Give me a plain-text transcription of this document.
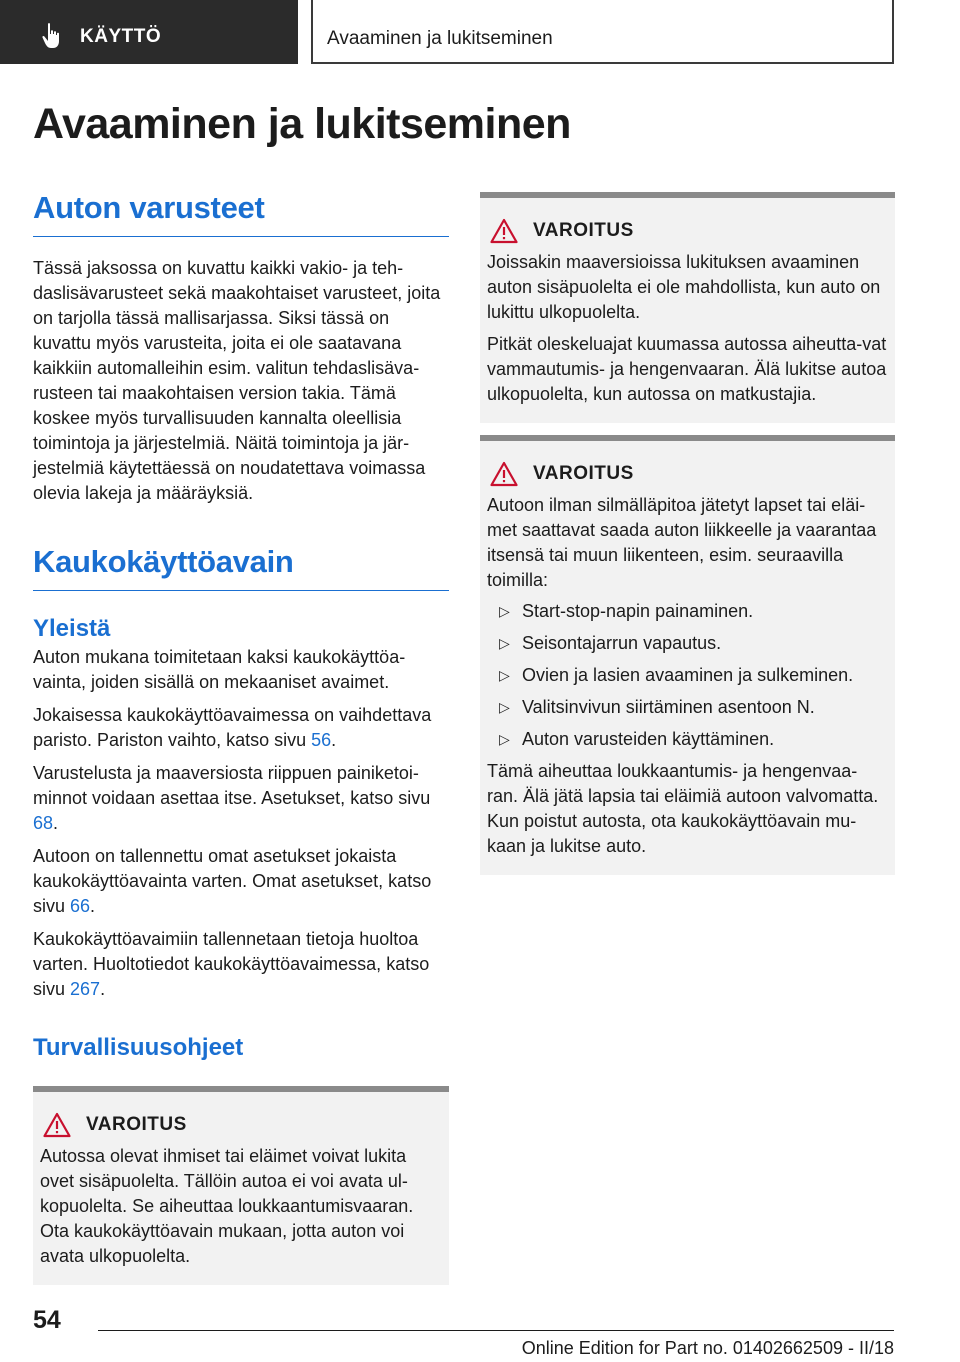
KÄYTTÖ	Avaaminen ja lukitseminen
Avaaminen ja lukitseminen
Auton varusteet

Tässä jaksossa on kuvattu kaikki vakio- ja teh-daslisävarusteet sekä maakohtaiset varusteet, joita on tarjolla tässä mallisarjassa. Siksi tässä on kuvattu myös varusteita, joita ei ole saatavana kaikkiin automalleihin esim. valitun tehdaslisäva-rusteen tai maakohtaisen version takia. Tämä koskee myös turvallisuuden kannalta oleellisia toimintoja ja järjestelmiä. Näitä toimintoja ja jär-jestelmiä käytettäessä on noudatettava voimassa olevia lakeja ja määräyksiä.

Kaukokäyttöavain
Yleistä

Auton mukana toimitetaan kaksi kaukokäyttöa-vainta, joiden sisällä on mekaaniset avaimet.

Jokaisessa kaukokäyttöavaimessa on vaihdettava paristo. Pariston vaihto, katso sivu 56.

Varustelusta ja maaversiosta riippuen painiketoi-minnot voidaan asettaa itse. Asetukset, katso sivu 68.

Autoon on tallennettu omat asetukset jokaista kaukokäyttöavainta varten. Omat asetukset, katso sivu 66.

Kaukokäyttöavaimiin tallennetaan tietoja huoltoa varten. Huoltotiedot kaukokäyttöavaimessa, katso sivu 267.

Turvallisuusohjeet
VAROITUS

Autossa olevat ihmiset tai eläimet voivat lukita ovet sisäpuolelta. Tällöin autoa ei voi avata ul-kopuolelta. Se aiheuttaa loukkaantumisvaaran. Ota kaukokäyttöavain mukaan, jotta auton voi avata ulkopuolelta.

VAROITUS

Joissakin maaversioissa lukituksen avaaminen auton sisäpuolelta ei ole mahdollista, kun auto on lukittu ulkopuolelta.

Pitkät oleskeluajat kuumassa autossa aiheutta-vat vammautumis- ja hengenvaaran. Älä lukitse autoa ulkopuolelta, kun autossa on matkustajia.

VAROITUS

Autoon ilman silmälläpitoa jätetyt lapset tai eläi-met saattavat saada auton liikkeelle ja vaarantaa itsensä tai muun liikenteen, esim. seuraavilla toimilla:

▷ Start-stop-napin painaminen.
▷ Seisontajarrun vapautus.
▷ Ovien ja lasien avaaminen ja sulkeminen.
▷ Valitsinvivun siirtäminen asentoon N.
▷ Auton varusteiden käyttäminen.

Tämä aiheuttaa loukkaantumis- ja hengenvaa-ran. Älä jätä lapsia tai eläimiä autoon valvomatta. Kun poistut autosta, ota kaukokäyttöavain mu-kaan ja lukitse auto.

54
Online Edition for Part no. 01402662509 - II/18
